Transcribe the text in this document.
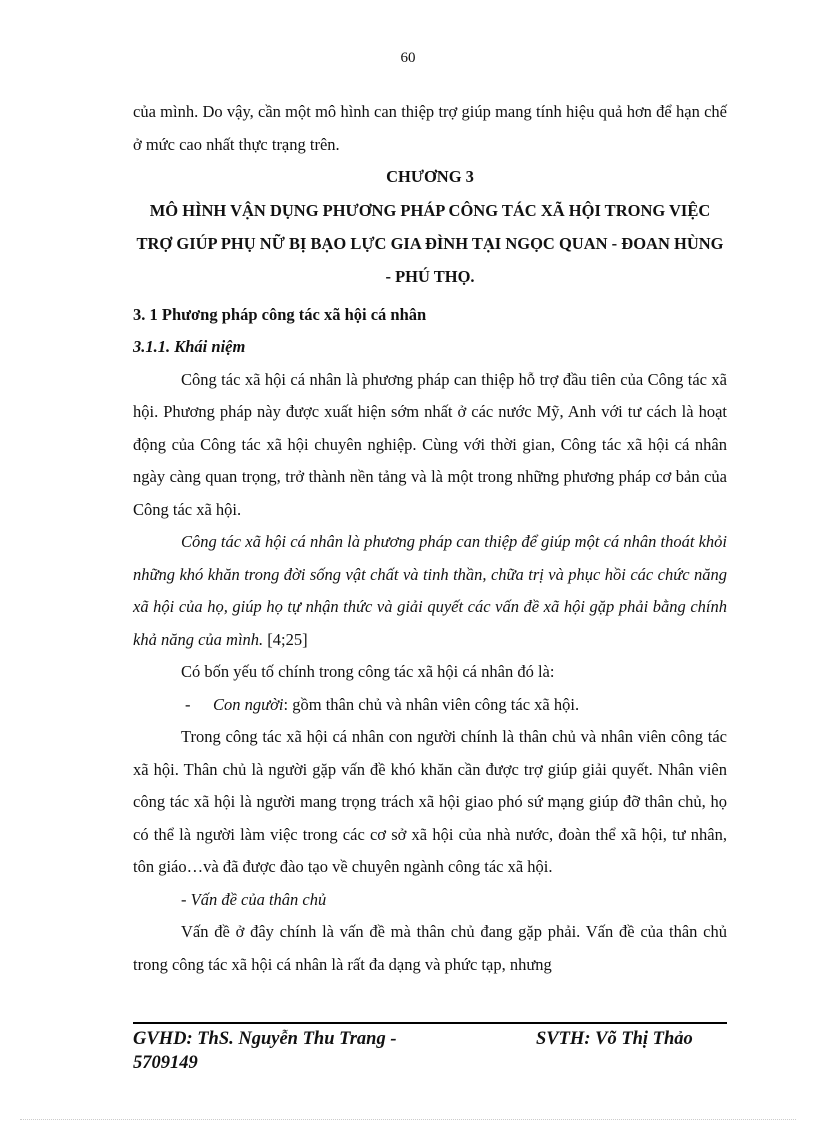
60

của mình. Do vậy, cần một mô hình can thiệp trợ giúp mang tính hiệu quả hơn để hạn chế ở mức cao nhất thực trạng trên.

CHƯƠNG 3

MÔ HÌNH VẬN DỤNG PHƯƠNG PHÁP CÔNG TÁC XÃ HỘI TRONG VIỆC TRỢ GIÚP PHỤ NỮ BỊ BẠO LỰC GIA ĐÌNH TẠI NGỌC QUAN - ĐOAN HÙNG - PHÚ THỌ.

3. 1 Phương pháp công tác xã hội cá nhân

3.1.1. Khái niệm

Công tác xã hội cá nhân là phương pháp can thiệp hỗ trợ đầu tiên của Công tác xã hội. Phương pháp này được xuất hiện sớm nhất ở các nước Mỹ, Anh với tư cách là hoạt động của Công tác xã hội chuyên nghiệp. Cùng với thời gian, Công tác xã hội cá nhân ngày càng quan trọng, trở thành nền tảng và là một trong những phương pháp cơ bản của Công tác xã hội.

Công tác xã hội cá nhân là phương pháp can thiệp để giúp một cá nhân thoát khỏi những khó khăn trong đời sống vật chất và tinh thần, chữa trị và phục hồi các chức năng xã hội của họ, giúp họ tự nhận thức và giải quyết các vấn đề xã hội gặp phải bằng chính khả năng của mình. [4;25]

Có bốn yếu tố chính trong công tác xã hội cá nhân đó là:

-	Con người: gồm thân chủ và nhân viên công tác xã hội.

Trong công tác xã hội cá nhân con người chính là thân chủ và nhân viên công tác xã hội. Thân chủ là người gặp vấn đề khó khăn cần được trợ giúp giải quyết. Nhân viên công tác xã hội là người mang trọng trách xã hội giao phó sứ mạng giúp đỡ thân chủ, họ có thể là người làm việc trong các cơ sở xã hội của nhà nước, đoàn thể xã hội, tư nhân, tôn giáo…và đã được đào tạo về chuyên ngành công tác xã hội.

- Vấn đề của thân chủ

Vấn đề ở đây chính là vấn đề mà thân chủ đang gặp phải. Vấn đề của thân chủ trong công tác xã hội cá nhân là rất đa dạng và phức tạp, nhưng

GVHD: ThS. Nguyễn Thu Trang - 5709149
SVTH: Võ Thị Thảo
